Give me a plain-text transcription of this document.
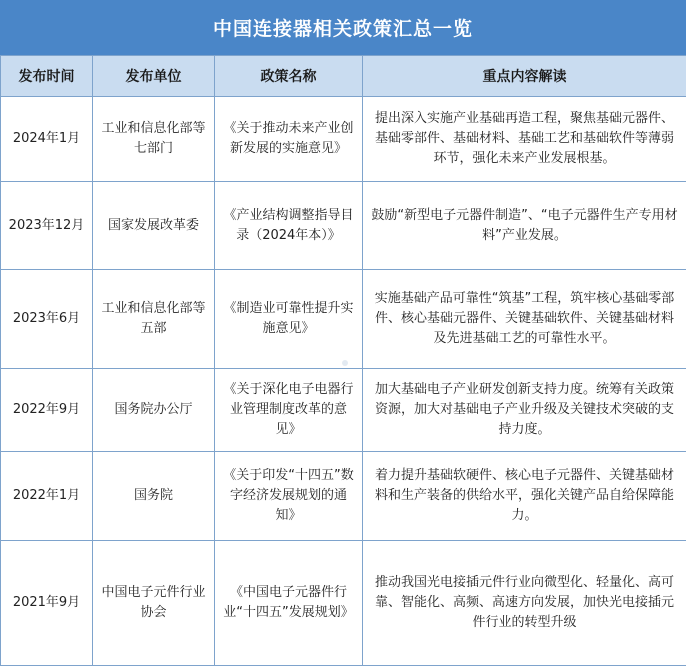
中国连接器相关政策汇总一览
发布时间	发布单位	政策名称	重点内容解读
2024年1月	工业和信息化部等七部门	《关于推动未来产业创新发展的实施意见》	提出深入实施产业基础再造工程，聚焦基础元器件、基础零部件、基础材料、基础工艺和基础软件等薄弱环节，强化未来产业发展根基。
2023年12月	国家发展改革委	《产业结构调整指导目录（2024年本）》	鼓励“新型电子元器件制造”、“电子元器件生产专用材料”产业发展。
2023年6月	工业和信息化部等五部	《制造业可靠性提升实施意见》	实施基础产品可靠性“筑基”工程，筑牢核心基础零部件、核心基础元器件、关键基础软件、关键基础材料及先进基础工艺的可靠性水平。
2022年9月	国务院办公厅	《关于深化电子电器行业管理制度改革的意见》	加大基础电子产业研发创新支持力度。统筹有关政策资源，加大对基础电子产业升级及关键技术突破的支持力度。
2022年1月	国务院	《关于印发“十四五”数字经济发展规划的通知》	着力提升基础软硬件、核心电子元器件、关键基础材料和生产装备的供给水平，强化关键产品自给保障能力。
2021年9月	中国电子元件行业协会	《中国电子元器件行业“十四五”发展规划》	推动我国光电接插元件行业向微型化、轻量化、高可靠、智能化、高频、高速方向发展，加快光电接插元件行业的转型升级
